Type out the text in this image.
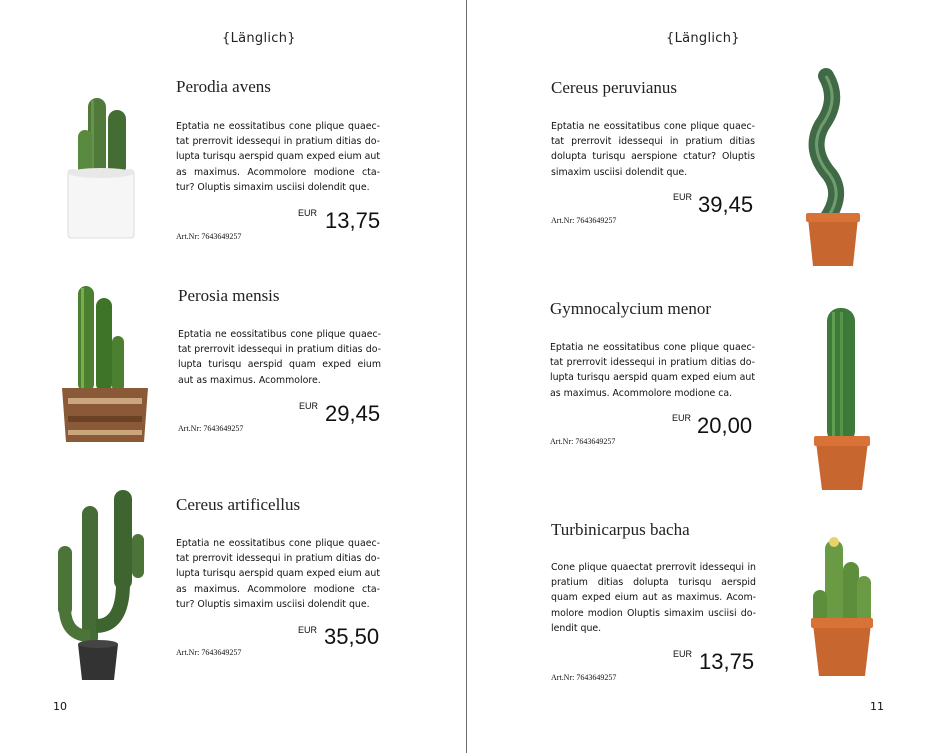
{Länglich}	{Länglich}
10	11
Perodia avens

Eptatia ne eossitatibus cone plique quaec-tat prerrovit idessequi in pratium ditias do-lupta turisqu aerspid quam exped eium aut as maximus. Acommolore modione cta-tur? Oluptis simaxim usciisi dolendit que.

EUR 13,75
Art.Nr: 7643649257
Perosia mensis

Eptatia ne eossitatibus cone plique quaec-tat prerrovit idessequi in pratium ditias do-lupta turisqu aerspid quam exped eium aut as maximus. Acommolore.

EUR 29,45
Art.Nr: 7643649257
Cereus artificellus

Eptatia ne eossitatibus cone plique quaec-tat prerrovit idessequi in pratium ditias do-lupta turisqu aerspid quam exped eium aut as maximus. Acommolore modione cta-tur? Oluptis simaxim usciisi dolendit que.

EUR 35,50
Art.Nr: 7643649257
Cereus peruvianus

Eptatia ne eossitatibus cone plique quaec-tat prerrovit idessequi in pratium ditias dolupta turisqu aerspione ctatur? Oluptis simaxim usciisi dolendit que.

EUR 39,45
Art.Nr: 7643649257
Gymnocalycium menor

Eptatia ne eossitatibus cone plique quaec-tat prerrovit idessequi in pratium ditias do-lupta turisqu aerspid quam exped eium aut as maximus. Acommolore modione ca.

EUR 20,00
Art.Nr: 7643649257
Turbinicarpus bacha

Cone plique quaectat prerrovit idessequi in pratium ditias dolupta turisqu aerspid quam exped eium aut as maximus. Acom-molore modion Oluptis simaxim usciisi do-lendit que.

EUR 13,75
Art.Nr: 7643649257
